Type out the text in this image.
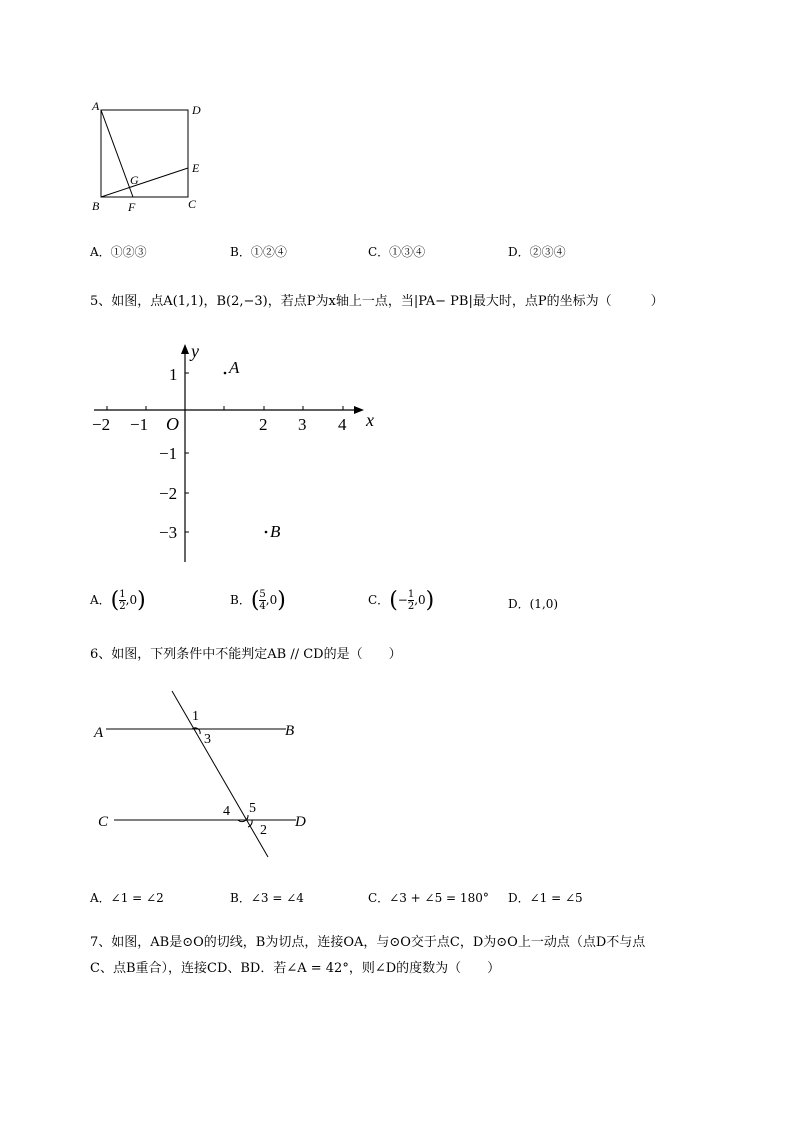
A	D
E
G
B F	C
A．①②③	B．①②④	C．①③④	D．②③④
5、如图，点A(1,1)，B(2,−3)，若点P为x轴上一点，当|PA− PB|最大时，点P的坐标为（　　　）
x
y
O
−2 −1	2 3 4
1
−1
−2
−3
A
B
A．( $\frac{1}{2} ,0$)	B．( $\frac{5}{4} ,0$)	C．(− $\frac{1}{2} ,0$)	D．(1,0)
6、如图，下列条件中不能判定AB // CD的是（　　）
A	B
C	D
1
3
4 5
2
A．∠1 = ∠2	B．∠3 = ∠4	C．∠3 + ∠5 = 180° D．∠1 = ∠5
7、如图，AB是⊙O的切线，B为切点，连接OA，与⊙O交于点C，D为⊙O上一动点（点D不与点
C、点B重合），连接CD、BD．若∠A = 42°，则∠D的度数为（　　）
